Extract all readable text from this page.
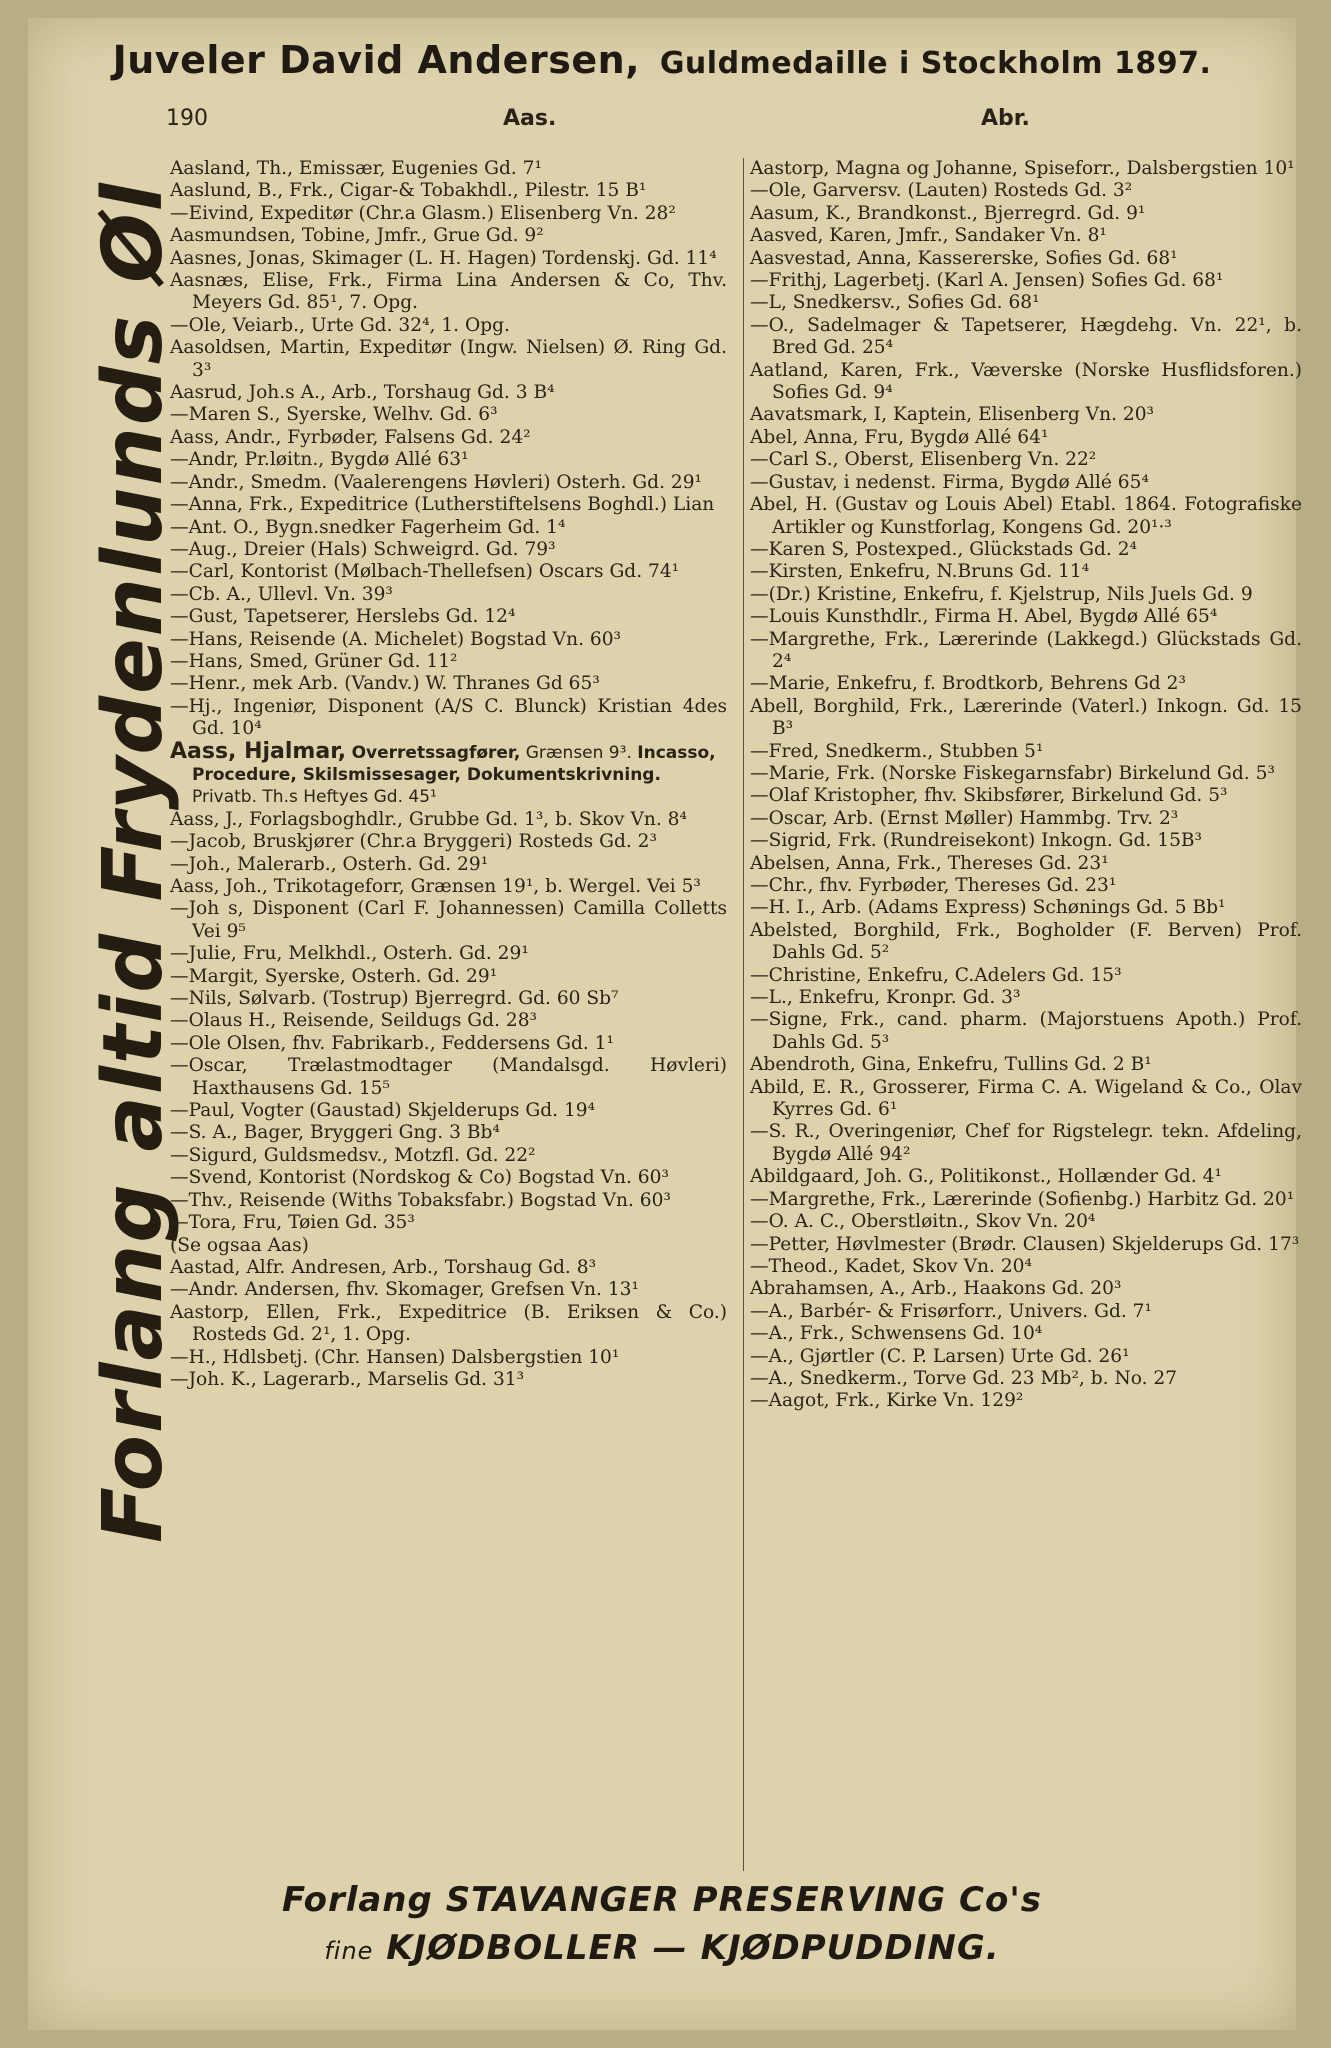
Juveler David Andersen, Guldmedaille i Stockholm 1897.
190	Aas.	Abr.
Forlang altid Frydenlunds Øl
Aasland, Th., Emissær, Eugenies Gd. 7¹
Aaslund, B., Frk., Cigar-& Tobakhdl., Pilestr. 15 B¹
—Eivind, Expeditør (Chr.a Glasm.) Elisenberg Vn. 28²
Aasmundsen, Tobine, Jmfr., Grue Gd. 9²
Aasnes, Jonas, Skimager (L. H. Hagen) Tordenskj. Gd. 11⁴
Aasnæs, Elise, Frk., Firma Lina Andersen & Co, Thv. Meyers Gd. 85¹, 7. Opg.
—Ole, Veiarb., Urte Gd. 32⁴, 1. Opg.
Aasoldsen, Martin, Expeditør (Ingw. Nielsen) Ø. Ring Gd. 3³
Aasrud, Joh.s A., Arb., Torshaug Gd. 3 B⁴
—Maren S., Syerske, Welhv. Gd. 6³
Aass, Andr., Fyrbøder, Falsens Gd. 24²
—Andr, Pr.løitn., Bygdø Allé 63¹
—Andr., Smedm. (Vaalerengens Høvleri) Osterh. Gd. 29¹
—Anna, Frk., Expeditrice (Lutherstiftelsens Boghdl.) Lian
—Ant. O., Bygn.snedker Fagerheim Gd. 1⁴
—Aug., Dreier (Hals) Schweigrd. Gd. 79³
—Carl, Kontorist (Mølbach-Thellefsen) Oscars Gd. 74¹
—Cb. A., Ullevl. Vn. 39³
—Gust, Tapetserer, Herslebs Gd. 12⁴
—Hans, Reisende (A. Michelet) Bogstad Vn. 60³
—Hans, Smed, Grüner Gd. 11²
—Henr., mek Arb. (Vandv.) W. Thranes Gd 65³
—Hj., Ingeniør, Disponent (A/S C. Blunck) Kristian 4des Gd. 10⁴
Aass, Hjalmar, Overretssagfører, Grænsen 9³. Incasso, Procedure, Skilsmissesager, Dokumentskrivning. Privatb. Th.s Heftyes Gd. 45¹
Aass, J., Forlagsboghdlr., Grubbe Gd. 1³, b. Skov Vn. 8⁴
—Jacob, Bruskjører (Chr.a Bryggeri) Rosteds Gd. 2³
—Joh., Malerarb., Osterh. Gd. 29¹
Aass, Joh., Trikotageforr, Grænsen 19¹, b. Wergel. Vei 5³
—Joh s, Disponent (Carl F. Johannessen) Camilla Colletts Vei 9⁵
—Julie, Fru, Melkhdl., Osterh. Gd. 29¹
—Margit, Syerske, Osterh. Gd. 29¹
—Nils, Sølvarb. (Tostrup) Bjerregrd. Gd. 60 Sb⁷
—Olaus H., Reisende, Seildugs Gd. 28³
—Ole Olsen, fhv. Fabrikarb., Feddersens Gd. 1¹
—Oscar, Trælastmodtager (Mandalsgd. Høvleri) Haxthausens Gd. 15⁵
—Paul, Vogter (Gaustad) Skjelderups Gd. 19⁴
—S. A., Bager, Bryggeri Gng. 3 Bb⁴
—Sigurd, Guldsmedsv., Motzfl. Gd. 22²
—Svend, Kontorist (Nordskog & Co) Bogstad Vn. 60³
—Thv., Reisende (Withs Tobaksfabr.) Bogstad Vn. 60³
—Tora, Fru, Tøien Gd. 35³
(Se ogsaa Aas)
Aastad, Alfr. Andresen, Arb., Torshaug Gd. 8³
—Andr. Andersen, fhv. Skomager, Grefsen Vn. 13¹
Aastorp, Ellen, Frk., Expeditrice (B. Eriksen & Co.) Rosteds Gd. 2¹, 1. Opg.
—H., Hdlsbetj. (Chr. Hansen) Dalsbergstien 10¹
—Joh. K., Lagerarb., Marselis Gd. 31³
Aastorp, Magna og Johanne, Spiseforr., Dalsbergstien 10¹
—Ole, Garversv. (Lauten) Rosteds Gd. 3²
Aasum, K., Brandkonst., Bjerregrd. Gd. 9¹
Aasved, Karen, Jmfr., Sandaker Vn. 8¹
Aasvestad, Anna, Kassererske, Sofies Gd. 68¹
—Frithj, Lagerbetj. (Karl A. Jensen) Sofies Gd. 68¹
—L, Snedkersv., Sofies Gd. 68¹
—O., Sadelmager & Tapetserer, Hægdehg. Vn. 22¹, b. Bred Gd. 25⁴
Aatland, Karen, Frk., Væverske (Norske Husflidsforen.) Sofies Gd. 9⁴
Aavatsmark, I, Kaptein, Elisenberg Vn. 20³
Abel, Anna, Fru, Bygdø Allé 64¹
—Carl S., Oberst, Elisenberg Vn. 22²
—Gustav, i nedenst. Firma, Bygdø Allé 65⁴
Abel, H. (Gustav og Louis Abel) Etabl. 1864. Fotografiske Artikler og Kunstforlag, Kongens Gd. 20¹·³
—Karen S, Postexped., Glückstads Gd. 2⁴
—Kirsten, Enkefru, N.Bruns Gd. 11⁴
—(Dr.) Kristine, Enkefru, f. Kjelstrup, Nils Juels Gd. 9
—Louis Kunsthdlr., Firma H. Abel, Bygdø Allé 65⁴
—Margrethe, Frk., Lærerinde (Lakkegd.) Glückstads Gd. 2⁴
—Marie, Enkefru, f. Brodtkorb, Behrens Gd 2³
Abell, Borghild, Frk., Lærerinde (Vaterl.) Inkogn. Gd. 15 B³
—Fred, Snedkerm., Stubben 5¹
—Marie, Frk. (Norske Fiskegarnsfabr) Birkelund Gd. 5³
—Olaf Kristopher, fhv. Skibsfører, Birkelund Gd. 5³
—Oscar, Arb. (Ernst Møller) Hammbg. Trv. 2³
—Sigrid, Frk. (Rundreisekont) Inkogn. Gd. 15B³
Abelsen, Anna, Frk., Thereses Gd. 23¹
—Chr., fhv. Fyrbøder, Thereses Gd. 23¹
—H. I., Arb. (Adams Express) Schønings Gd. 5 Bb¹
Abelsted, Borghild, Frk., Bogholder (F. Berven) Prof. Dahls Gd. 5²
—Christine, Enkefru, C.Adelers Gd. 15³
—L., Enkefru, Kronpr. Gd. 3³
—Signe, Frk., cand. pharm. (Majorstuens Apoth.) Prof. Dahls Gd. 5³
Abendroth, Gina, Enkefru, Tullins Gd. 2 B¹
Abild, E. R., Grosserer, Firma C. A. Wigeland & Co., Olav Kyrres Gd. 6¹
—S. R., Overingeniør, Chef for Rigstelegr. tekn. Afdeling, Bygdø Allé 94²
Abildgaard, Joh. G., Politikonst., Hollænder Gd. 4¹
—Margrethe, Frk., Lærerinde (Sofienbg.) Harbitz Gd. 20¹
—O. A. C., Oberstløitn., Skov Vn. 20⁴
—Petter, Høvlmester (Brødr. Clausen) Skjelderups Gd. 17³
—Theod., Kadet, Skov Vn. 20⁴
Abrahamsen, A., Arb., Haakons Gd. 20³
—A., Barbér- & Frisørforr., Univers. Gd. 7¹
—A., Frk., Schwensens Gd. 10⁴
—A., Gjørtler (C. P. Larsen) Urte Gd. 26¹
—A., Snedkerm., Torve Gd. 23 Mb², b. No. 27
—Aagot, Frk., Kirke Vn. 129²
Forlang STAVANGER PRESERVING Co's
fine KJØDBOLLER — KJØDPUDDING.
